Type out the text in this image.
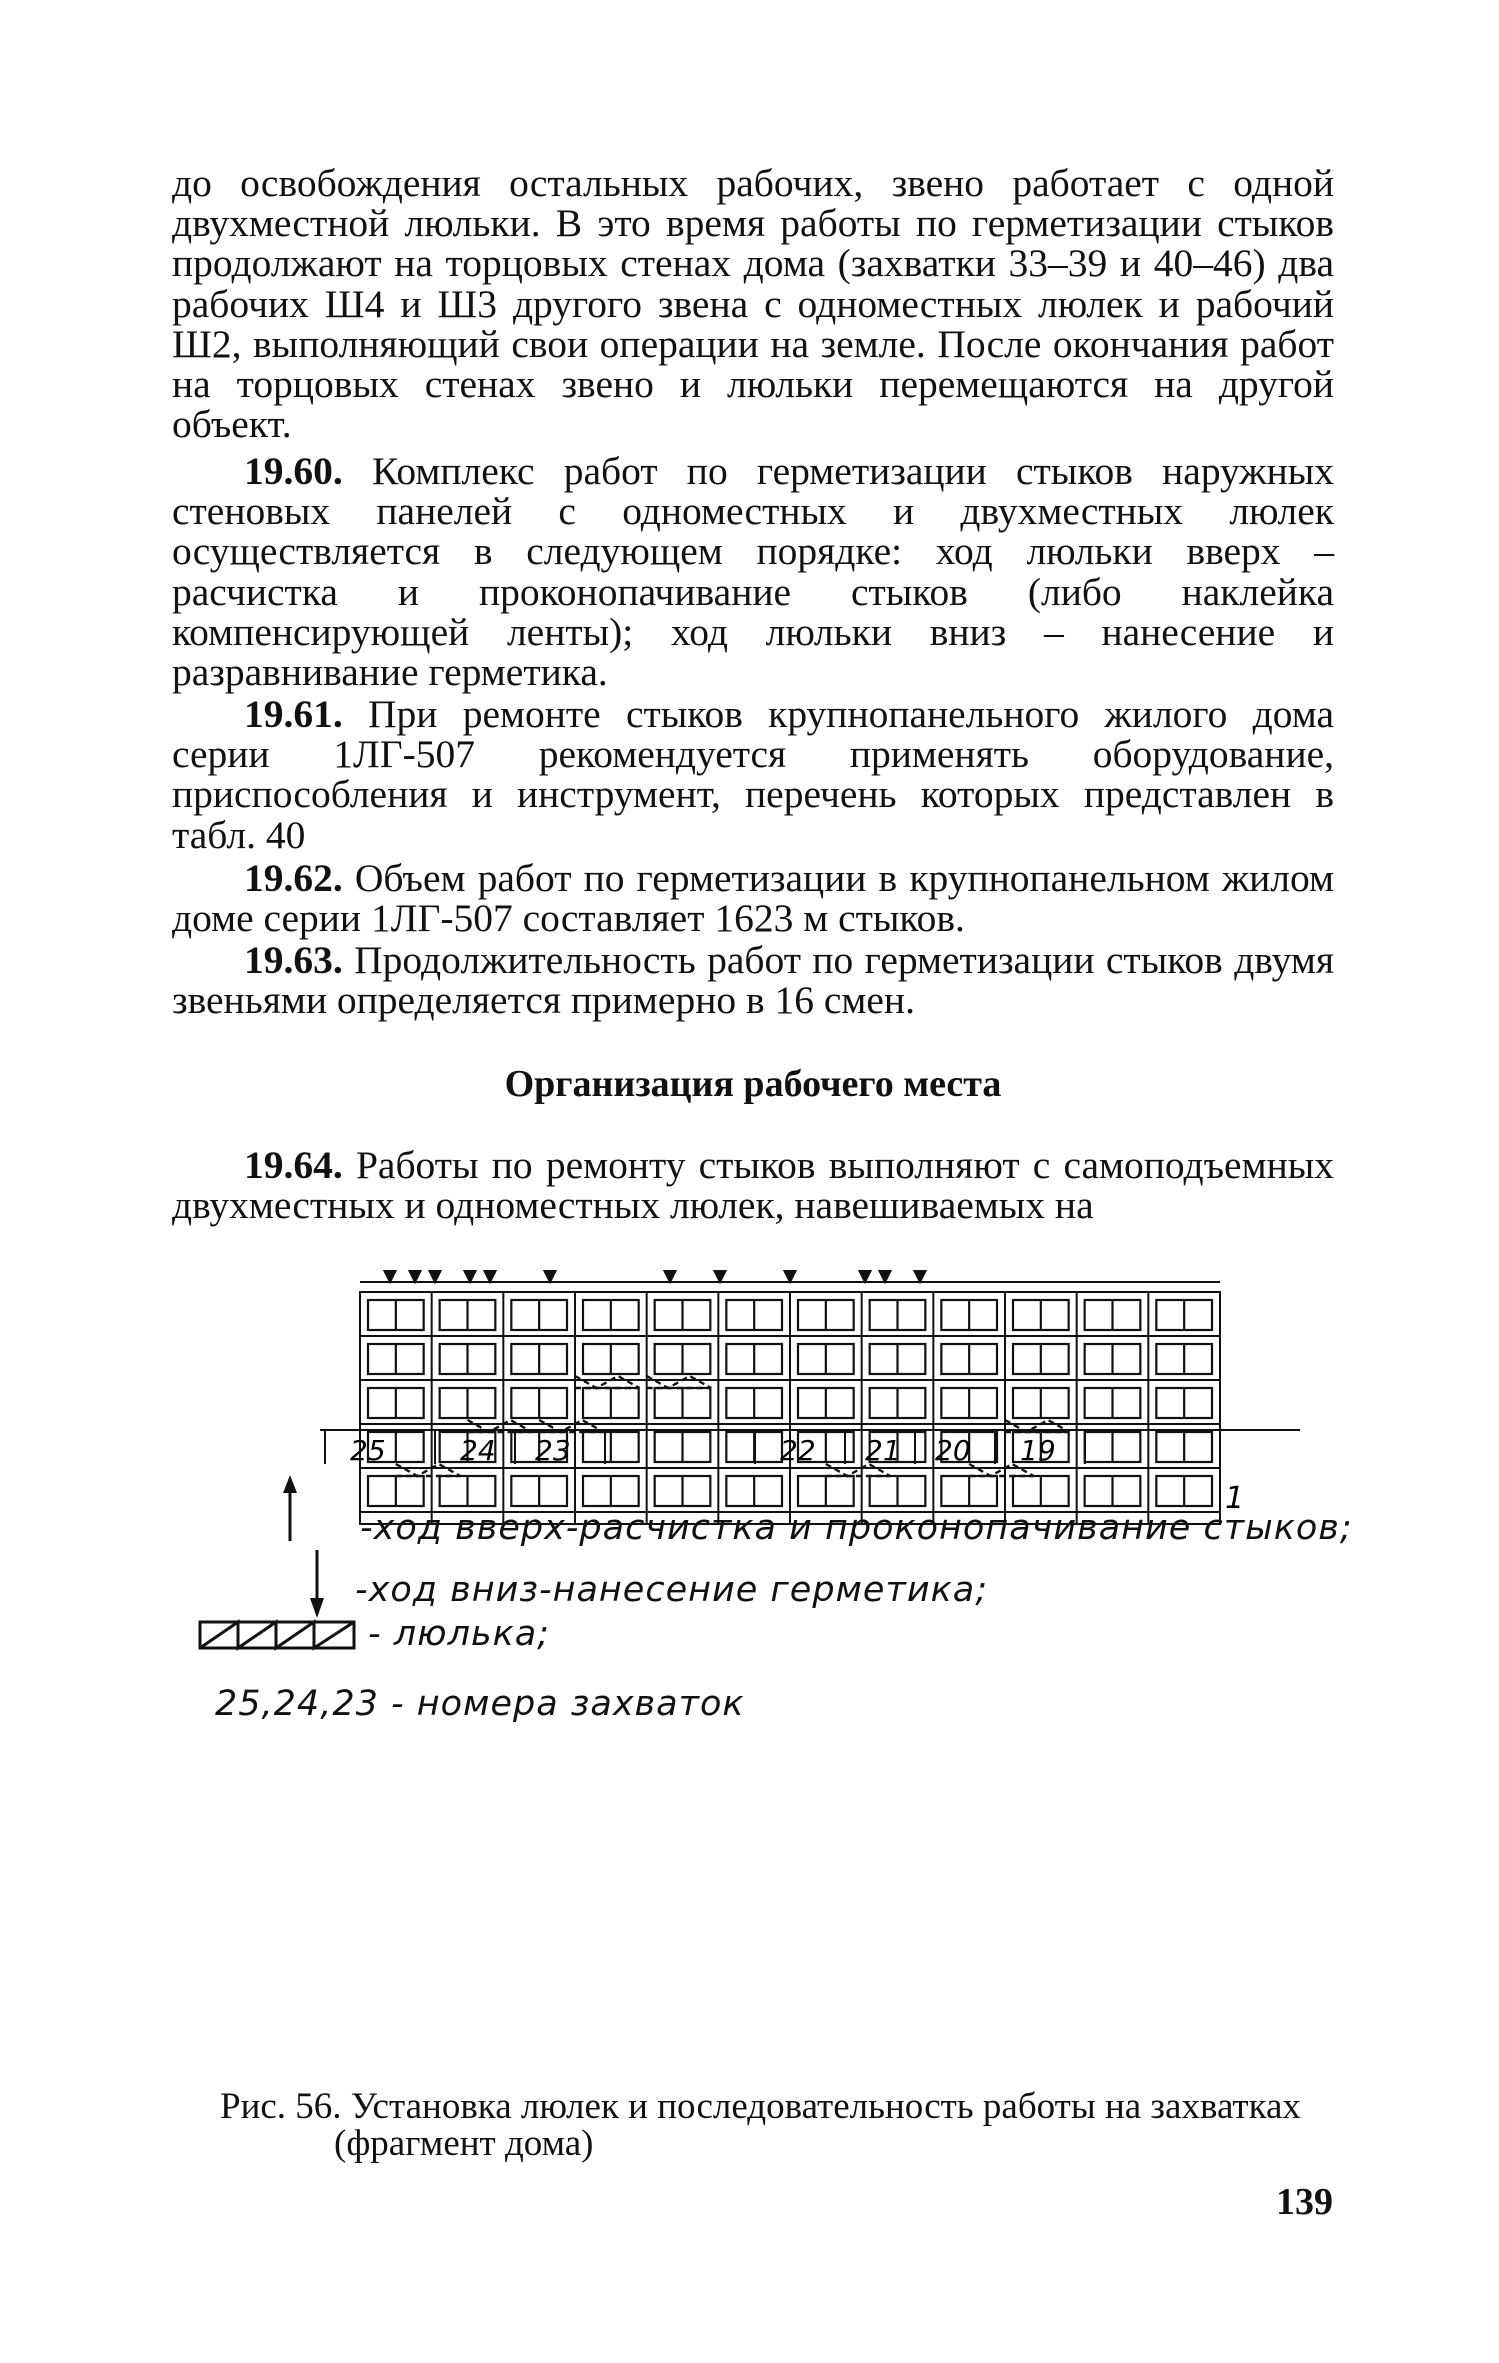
до освобождения остальных рабочих, звено работает с одной двухместной люльки. В это время работы по герметизации стыков продолжают на торцовых стенах дома (захватки 33–39 и 40–46) два рабочих Ш4 и Ш3 другого звена с одноместных люлек и рабочий Ш2, выполняющий свои операции на земле. После окончания работ на торцовых стенах звено и люльки перемещаются на другой объект.

19.60. Комплекс работ по герметизации стыков наружных стеновых панелей с одноместных и двухместных люлек осуществляется в следующем порядке: ход люльки вверх – расчистка и проконопачивание стыков (либо наклейка компенсирующей ленты); ход люльки вниз – нанесение и разравнивание герметика.

19.61. При ремонте стыков крупнопанельного жилого дома серии 1ЛГ-507 рекомендуется применять оборудование, приспособления и инструмент, перечень которых представлен в табл. 40

19.62. Объем работ по герметизации в крупнопанельном жилом доме серии 1ЛГ-507 составляет 1623 м стыков.

19.63. Продолжительность работ по герметизации стыков двумя звеньями определяется примерно в 16 смен.

Организация рабочего места

19.64. Работы по ремонту стыков выполняют с самоподъемных двухместных и одноместных люлек, навешиваемых на

1
25	24 23	22 21 20 19
-ход вверх-расчистка и проконопачивание стыков;
-ход вниз-нанесение герметика;
- люлька;
25,24,23 - номера захваток
Рис. 56. Установка люлек и последовательность работы на захватках
(фрагмент дома)
139
